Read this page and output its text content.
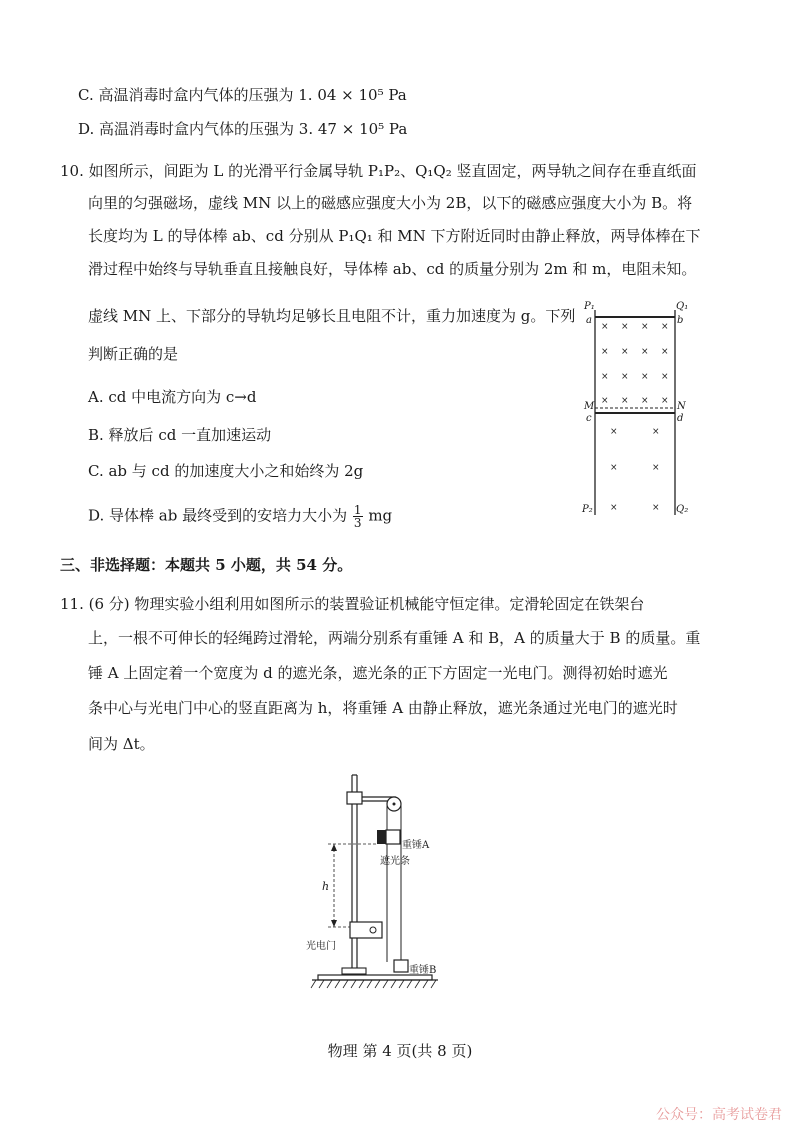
C. 高温消毒时盒内气体的压强为 1. 04 × 10⁵ Pa
D. 高温消毒时盒内气体的压强为 3. 47 × 10⁵ Pa
10. 如图所示，间距为 L 的光滑平行金属导轨 P₁P₂、Q₁Q₂ 竖直固定，两导轨之间存在垂直纸面
向里的匀强磁场，虚线 MN 以上的磁感应强度大小为 2B，以下的磁感应强度大小为 B。将
长度均为 L 的导体棒 ab、cd 分别从 P₁Q₁ 和 MN 下方附近同时由静止释放，两导体棒在下
滑过程中始终与导轨垂直且接触良好，导体棒 ab、cd 的质量分别为 2m 和 m，电阻未知。
虚线 MN 上、下部分的导轨均足够长且电阻不计，重力加速度为 g。下列
判断正确的是
A. cd 中电流方向为 c→d
B. 释放后 cd 一直加速运动
C. ab 与 cd 的加速度大小之和始终为 2g
D. 导体棒 ab 最终受到的安培力大小为 $\frac{1}{3}$ mg
P₁	Q₁
a	b
M	N
c	d
P₂	Q₂
× × × ×
× × × ×
× × × ×
× × × ×
×	×
×	×
×	×
三、非选择题：本题共 5 小题，共 54 分。
11. (6 分) 物理实验小组利用如图所示的装置验证机械能守恒定律。定滑轮固定在铁架台
上，一根不可伸长的轻绳跨过滑轮，两端分别系有重锤 A 和 B，A 的质量大于 B 的质量。重
锤 A 上固定着一个宽度为 d 的遮光条，遮光条的正下方固定一光电门。测得初始时遮光
条中心与光电门中心的竖直距离为 h，将重锤 A 由静止释放，遮光条通过光电门的遮光时
间为 Δt。
重锤A
遮光条
h
光电门
重锤B
物理 第 4 页(共 8 页)
公众号：高考试卷君
